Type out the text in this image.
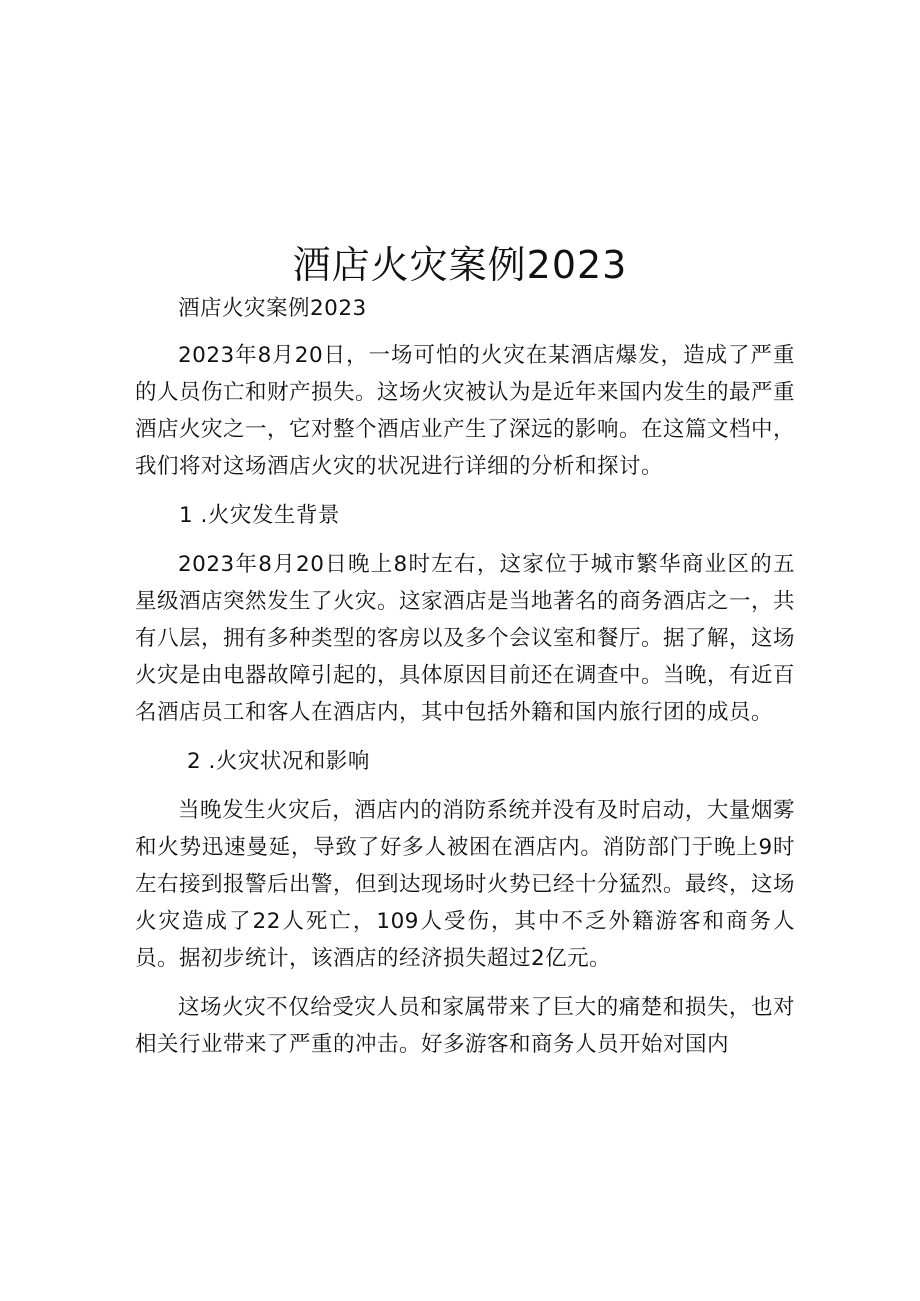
酒店火灾案例2023

酒店火灾案例2023

2023年8月20日，一场可怕的火灾在某酒店爆发，造成了严重的人员伤亡和财产损失。这场火灾被认为是近年来国内发生的最严重酒店火灾之一，它对整个酒店业产生了深远的影响。在这篇文档中，我们将对这场酒店火灾的状况进行详细的分析和探讨。

1 .火灾发生背景

2023年8月20日晚上8时左右，这家位于城市繁华商业区的五星级酒店突然发生了火灾。这家酒店是当地著名的商务酒店之一，共有八层，拥有多种类型的客房以及多个会议室和餐厅。据了解，这场火灾是由电器故障引起的，具体原因目前还在调查中。当晚，有近百名酒店员工和客人在酒店内，其中包括外籍和国内旅行团的成员。

2 .火灾状况和影响

当晚发生火灾后，酒店内的消防系统并没有及时启动，大量烟雾和火势迅速曼延，导致了好多人被困在酒店内。消防部门于晚上9时左右接到报警后出警，但到达现场时火势已经十分猛烈。最终，这场火灾造成了22人死亡，109人受伤，其中不乏外籍游客和商务人员。据初步统计，该酒店的经济损失超过2亿元。

这场火灾不仅给受灾人员和家属带来了巨大的痛楚和损失，也对相关行业带来了严重的冲击。好多游客和商务人员开始对国内
